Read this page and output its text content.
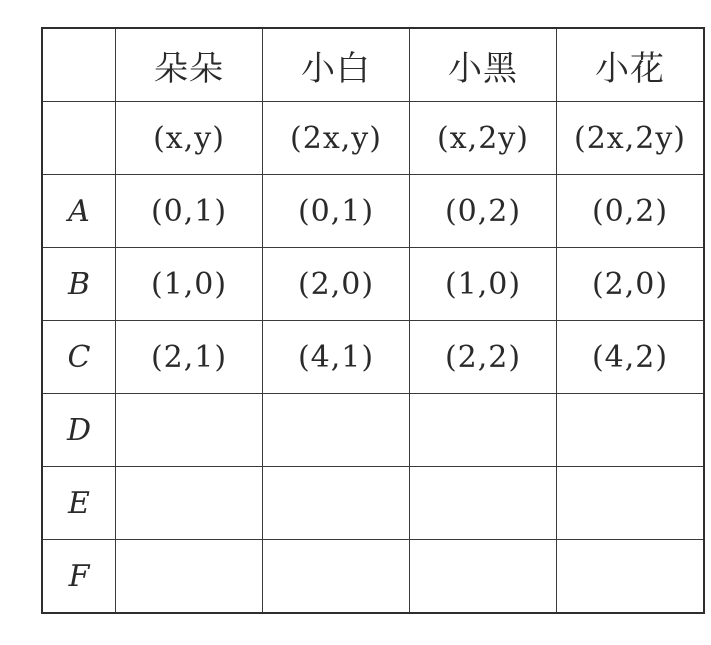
	朵朵	小白	小黑	小花
	(x,y)	(2x,y)	(x,2y)	(2x,2y)
A	(0,1)	(0,1)	(0,2)	(0,2)
B	(1,0)	(2,0)	(1,0)	(2,0)
C	(2,1)	(4,1)	(2,2)	(4,2)
D				
E				
F				
